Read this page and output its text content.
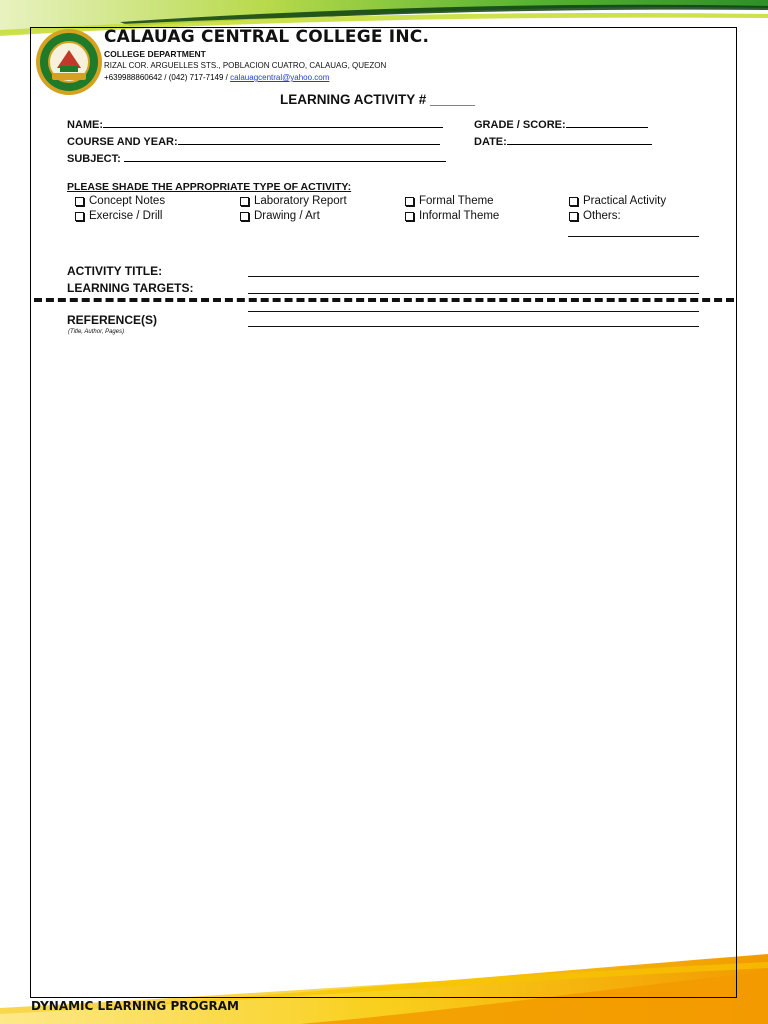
CALAUAG CENTRAL COLLEGE INC.
COLLEGE DEPARTMENT
RIZAL COR. ARGUELLES STS., POBLACION CUATRO, CALAUAG, QUEZON
+639988860642 / (042) 717-7149 / calauagcentral@yahoo.com
LEARNING ACTIVITY # ______
NAME:	GRADE / SCORE:
COURSE AND YEAR:	DATE:
SUBJECT:
PLEASE SHADE THE APPROPRIATE TYPE OF ACTIVITY:
Concept Notes	Laboratory Report	Formal Theme	Practical Activity
Exercise / Drill	Drawing / Art	Informal Theme	Others:
ACTIVITY TITLE:
LEARNING TARGETS:
REFERENCE(S)
(Title, Author, Pages)
DYNAMIC LEARNING PROGRAM
